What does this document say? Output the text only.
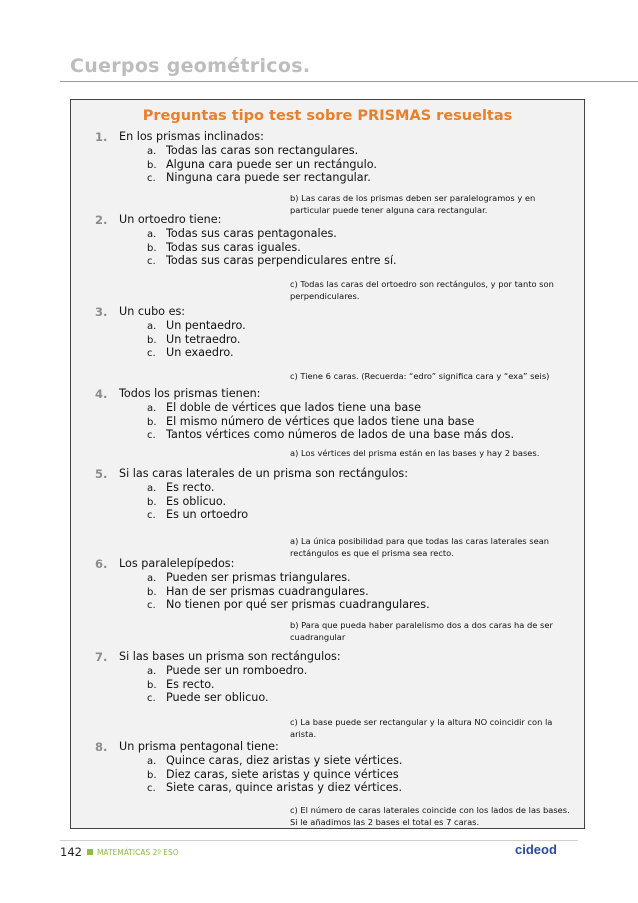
Cuerpos geométricos.
Preguntas tipo test sobre PRISMAS resueltas
1. En los prismas inclinados:
a. Todas las caras son rectangulares.
b. Alguna cara puede ser un rectángulo.
c. Ninguna cara puede ser rectangular.
b) Las caras de los prismas deben ser paralelogramos y en particular puede tener alguna cara rectangular.
2. Un ortoedro tiene:
a. Todas sus caras pentagonales.
b. Todas sus caras iguales.
c. Todas sus caras perpendiculares entre sí.
c) Todas las caras del ortoedro son rectángulos, y por tanto son perpendiculares.
3. Un cubo es:
a. Un pentaedro.
b. Un tetraedro.
c. Un exaedro.
c) Tiene 6 caras. (Recuerda: “edro” significa cara y “exa” seis)
4. Todos los prismas tienen:
a. El doble de vértices que lados tiene una base
b. El mismo número de vértices que lados tiene una base
c. Tantos vértices como números de lados de una base más dos.
a) Los vértices del prisma están en las bases y hay 2 bases.
5. Si las caras laterales de un prisma son rectángulos:
a. Es recto.
b. Es oblicuo.
c. Es un ortoedro
a) La única posibilidad para que todas las caras laterales sean rectángulos es que el prisma sea recto.
6. Los paralelepípedos:
a. Pueden ser prismas triangulares.
b. Han de ser prismas cuadrangulares.
c. No tienen por qué ser prismas cuadrangulares.
b) Para que pueda haber paralelismo dos a dos caras ha de ser cuadrangular
7. Si las bases un prisma son rectángulos:
a. Puede ser un romboedro.
b. Es recto.
c. Puede ser oblicuo.
c) La base puede ser rectangular y la altura NO coincidir con la arista.
8. Un prisma pentagonal tiene:
a. Quince caras, diez aristas y siete vértices.
b. Diez caras, siete aristas y quince vértices
c. Siete caras, quince aristas y diez vértices.
c) El número de caras laterales coincide con los lados de las bases. Si le añadimos las 2 bases el total es 7 caras.
142 MATEMÁTICAS 2º ESO	cideod
